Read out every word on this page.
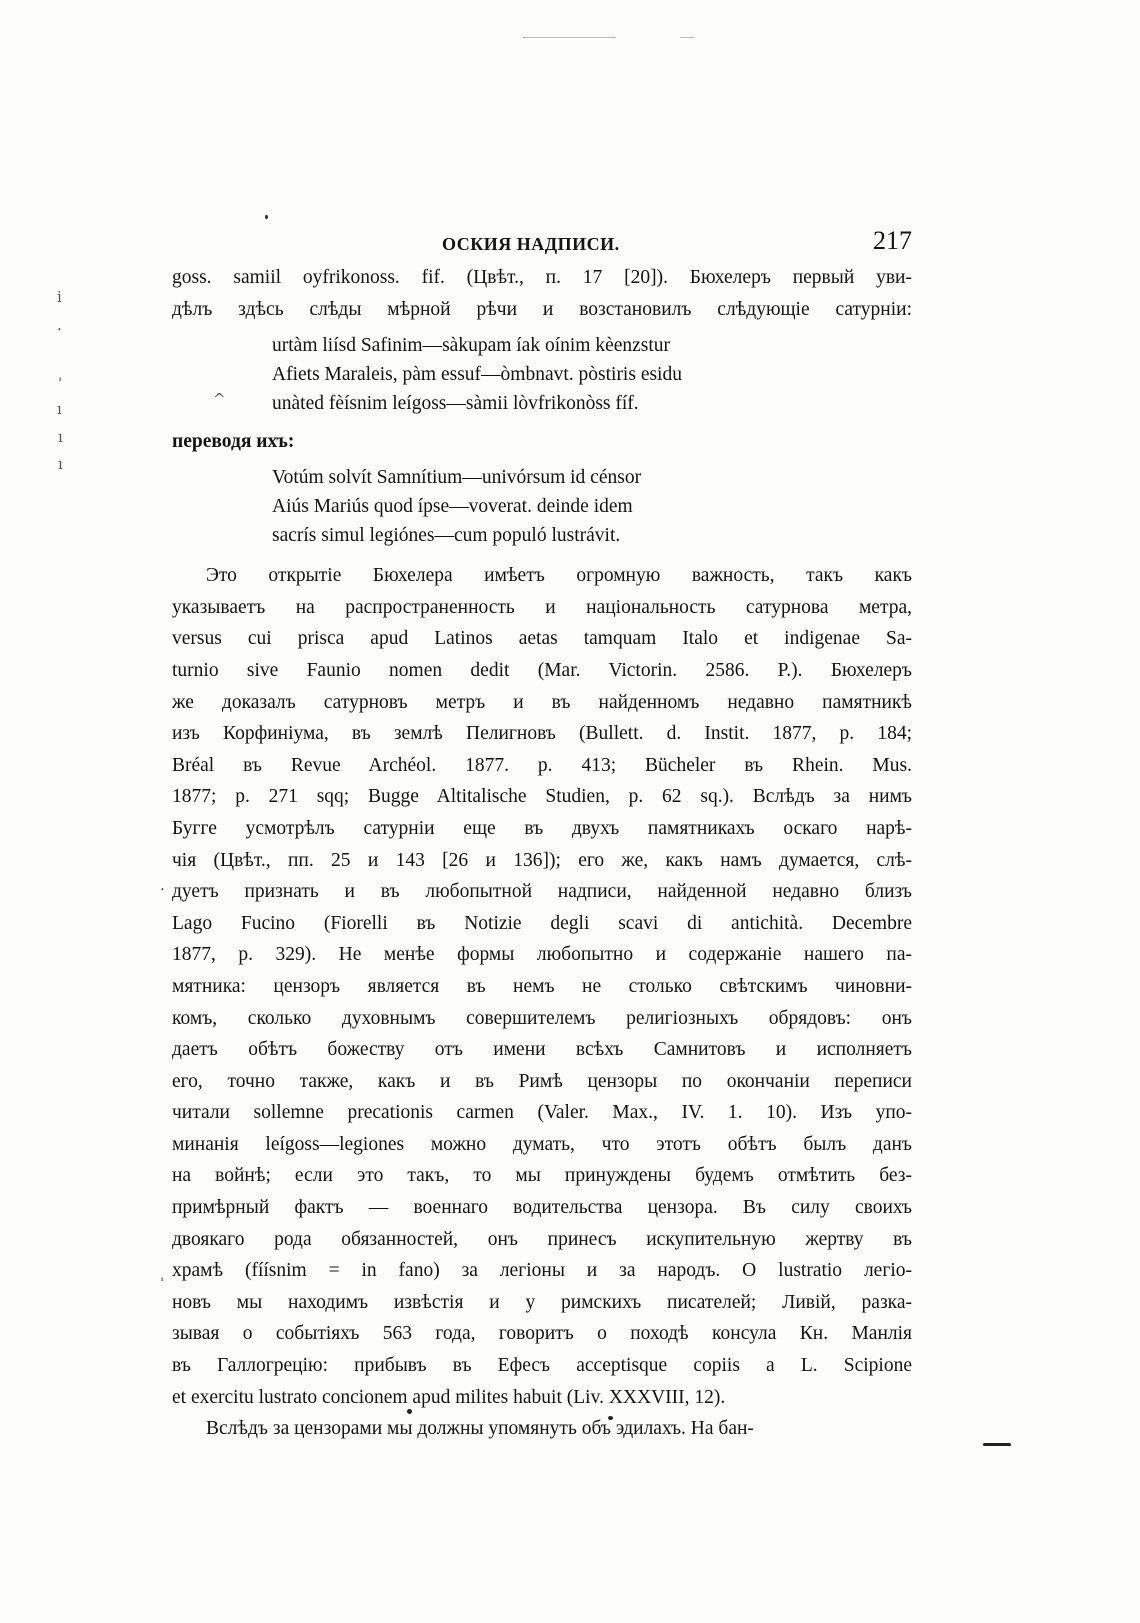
ⅰ
·
ˈ
ı
ı
ı
^
·
ˈ
ОСКИЯ НАДПИСИ.	217
goss. samiil oyfrikonoss. fif. (Цвѣт., п. 17 [20]). Бюхелеръ первый уви-
дѣлъ здѣсь слѣды мѣрной рѣчи и возстановилъ слѣдующіе сатурніи:
urtàm liísd Safinim—sàkupam íak oínim kèenzstur
Afiets Maraleis, pàm essuf—òmbnavt. pòstiris esidu
unàted fèísnim leígoss—sàmii lòvfrikonòss fíf.
переводя ихъ:
Votúm solvít Samnítium—univórsum id cénsor
Aiús Mariús quod ípse—voverat. deinde idem
sacrís simul legiónes—cum populó lustrávit.
Это открытіе Бюхелера имѣетъ огромную важность, такъ какъ
указываетъ на распространенность и національность сатурнова метра,
versus cui prisca apud Latinos aetas tamquam Italo et indigenae Sa-
turnio sive Faunio nomen dedit (Mar. Victorin. 2586. P.). Бюхелеръ
же доказалъ сатурновъ метръ и въ найденномъ недавно памятникѣ
изъ Корфиніума, въ землѣ Пелигновъ (Bullett. d. Instit. 1877, p. 184;
Bréal въ Revue Archéol. 1877. p. 413; Bücheler въ Rhein. Mus.
1877; p. 271 sqq; Bugge Altitalische Studien, p. 62 sq.). Вслѣдъ за нимъ
Бугге усмотрѣлъ сатурніи еще въ двухъ памятникахъ оскаго нарѣ-
чія (Цвѣт., пп. 25 и 143 [26 и 136]); его же, какъ намъ думается, слѣ-
дуетъ признать и въ любопытной надписи, найденной недавно близъ
Lago Fucino (Fiorelli въ Notizie degli scavi di antichità. Decembre
1877, p. 329). Не менѣе формы любопытно и содержаніе нашего па-
мятника: цензоръ является въ немъ не столько свѣтскимъ чиновни-
комъ, сколько духовнымъ совершителемъ религіозныхъ обрядовъ: онъ
даетъ обѣтъ божеству отъ имени всѣхъ Самнитовъ и исполняетъ
его, точно также, какъ и въ Римѣ цензоры по окончаніи переписи
читали sollemne precationis carmen (Valer. Max., IV. 1. 10). Изъ упо-
минанія leígoss—legiones можно думать, что этотъ обѣтъ былъ данъ
на войнѣ; если это такъ, то мы принуждены будемъ отмѣтить без-
примѣрный фактъ — военнаго водительства цензора. Въ силу своихъ
двоякаго рода обязанностей, онъ принесъ искупительную жертву въ
храмѣ (fíísnim = in fano) за легіоны и за народъ. О lustratio легіо-
новъ мы находимъ извѣстія и у римскихъ писателей; Ливій, разка-
зывая о событіяхъ 563 года, говоритъ о походѣ консула Кн. Манлія
въ Галлогрецію: прибывъ въ Ефесъ acceptisque copiis a L. Scipione
et exercitu lustrato concionem apud milites habuit (Liv. XXXVIII, 12).
Вслѣдъ за цензорами мы должны упомянуть объ эдилахъ. На бан-
